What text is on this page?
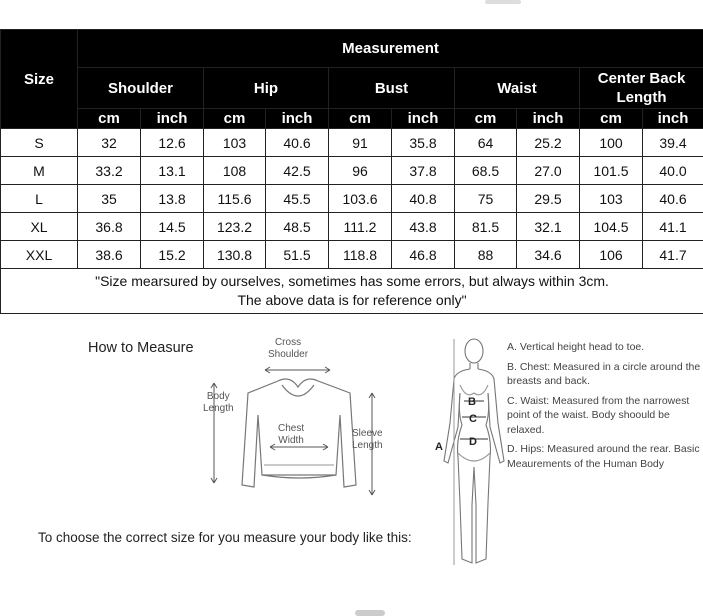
Size	Measurement									
	Shoulder		Hip		Bust		Waist		Center Back Length	
	cm	inch	cm	inch	cm	inch	cm	inch	cm	inch
S	32	12.6	103	40.6	91	35.8	64	25.2	100	39.4
M	33.2	13.1	108	42.5	96	37.8	68.5	27.0	101.5	40.0
L	35	13.8	115.6	45.5	103.6	40.8	75	29.5	103	40.6
XL	36.8	14.5	123.2	48.5	111.2	43.8	81.5	32.1	104.5	41.1
XXL	38.6	15.2	130.8	51.5	118.8	46.8	88	34.6	106	41.7

"Size mearsured by ourselves, sometimes has some errors, but always within 3cm.
The above data is for reference only"										
How to Measure	Cross
Shoulder
Body
Length
Chest
Width
Sleeve
Length
To choose the correct size for you measure your body like this:
A
B
C
D
A. Vertical height head to toe.
B. Chest: Measured in a circle around the breasts and back.
C. Waist: Measured from the narrowest point of the waist. Body shoould be relaxed.
D. Hips: Measured around the rear. Basic Meaurements of the Human Body
